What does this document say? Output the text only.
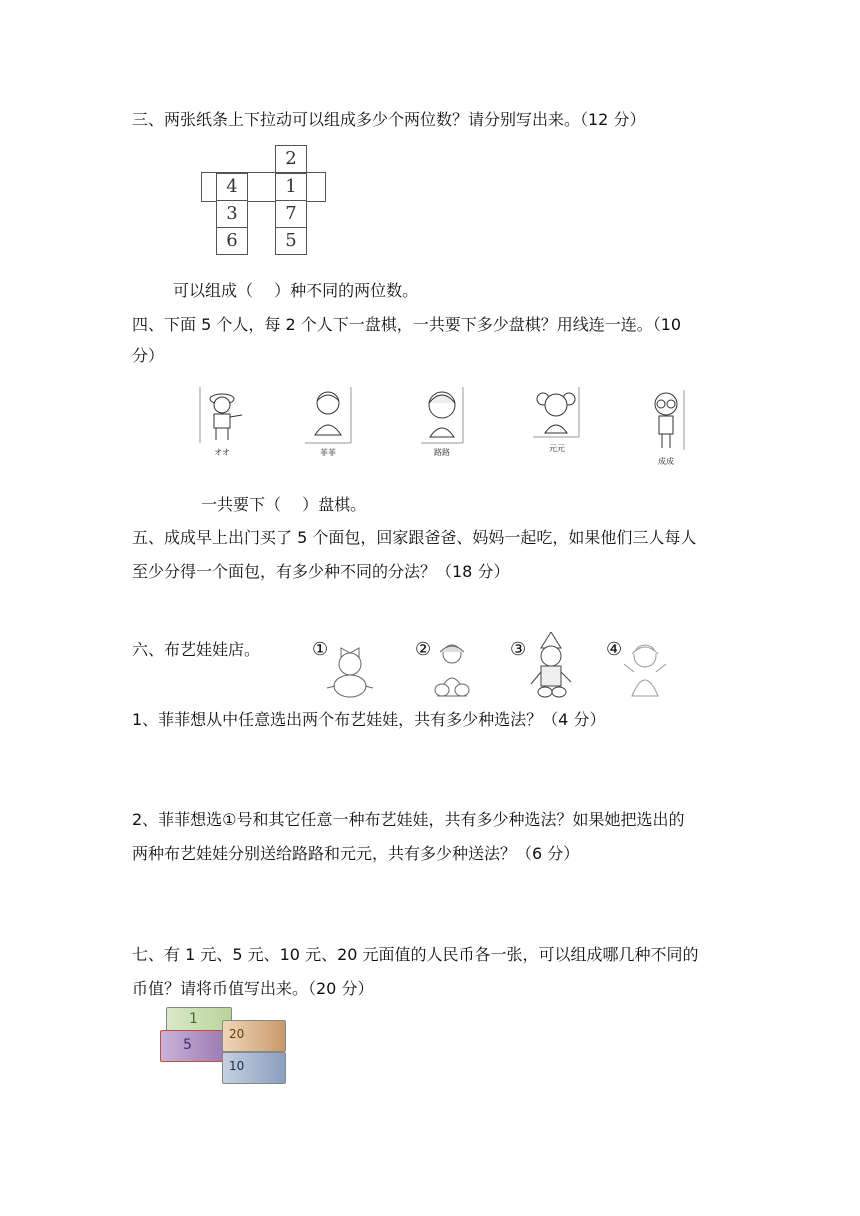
三、两张纸条上下拉动可以组成多少个两位数？请分别写出来。（12 分）
4
3
6
2
1
7
5
可以组成（　 ）种不同的两位数。
四、下面 5 个人，每 2 个人下一盘棋，一共要下多少盘棋？用线连一连。（10
分）
オオ	菲菲	路路	元元
成成
一共要下（　 ）盘棋。
五、成成早上出门买了 5 个面包，回家跟爸爸、妈妈一起吃，如果他们三人每人
至少分得一个面包，有多少种不同的分法？（18 分）
六、布艺娃娃店。	①	②	③	④
1、菲菲想从中任意选出两个布艺娃娃，共有多少种选法？（4 分）
2、菲菲想选①号和其它任意一种布艺娃娃，共有多少种选法？如果她把选出的
两种布艺娃娃分别送给路路和元元，共有多少种送法？（6 分）
七、有 1 元、5 元、10 元、20 元面值的人民币各一张，可以组成哪几种不同的
币值？请将币值写出来。（20 分）
1
5
20
10
